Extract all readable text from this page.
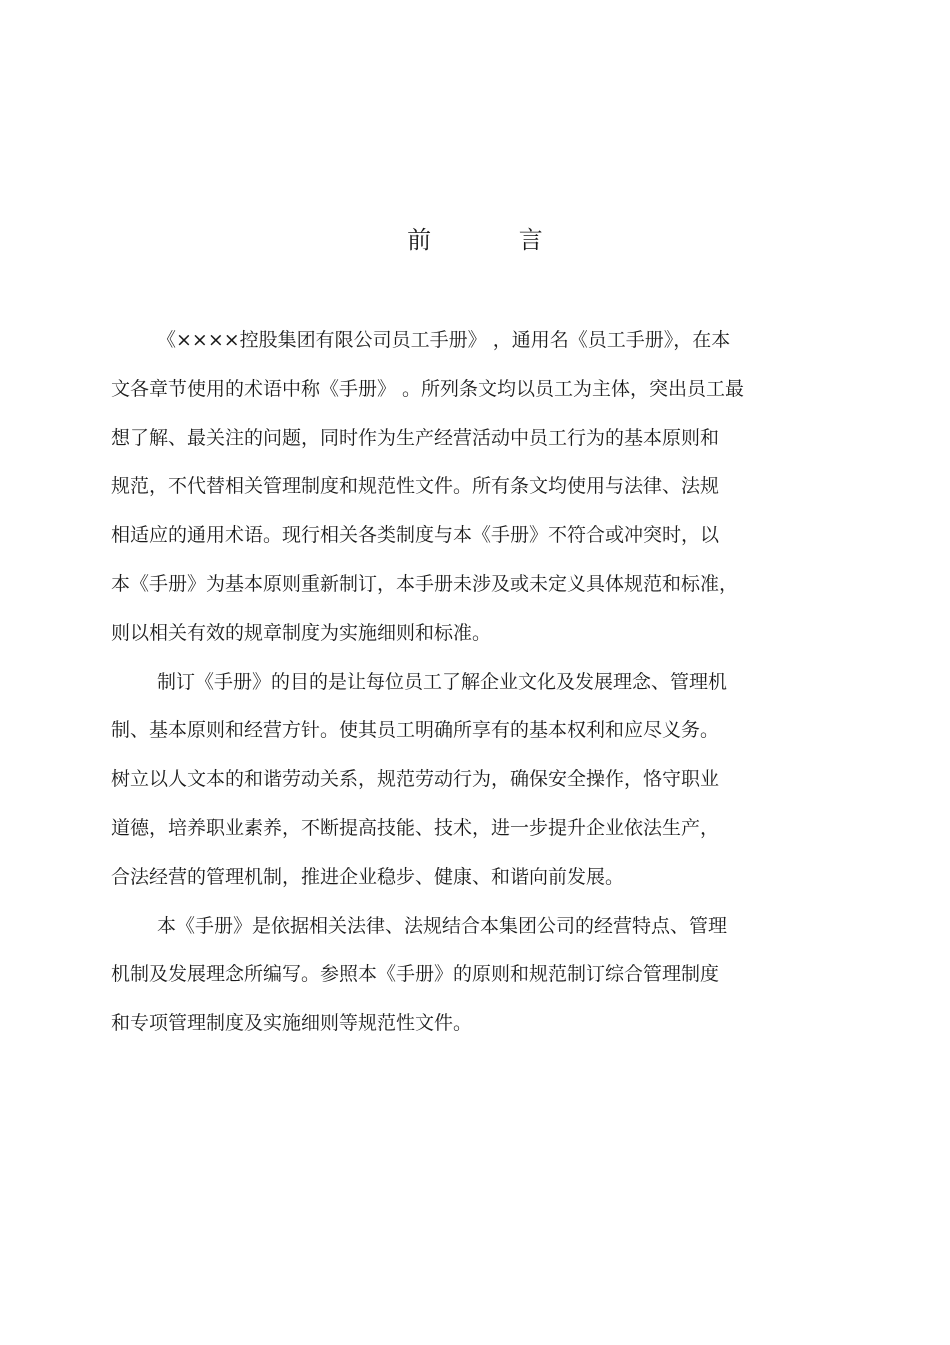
前 言
《××××控股集团有限公司员工手册》 ，通用名《员工手册》，在本
文各章节使用的术语中称《手册》 。所列条文均以员工为主体，突出员工最
想了解、最关注的问题，同时作为生产经营活动中员工行为的基本原则和
规范，不代替相关管理制度和规范性文件。所有条文均使用与法律、法规
相适应的通用术语。现行相关各类制度与本《手册》不符合或冲突时，以
本《手册》为基本原则重新制订，本手册未涉及或未定义具体规范和标准，
则以相关有效的规章制度为实施细则和标准。
制订《手册》的目的是让每位员工了解企业文化及发展理念、管理机
制、基本原则和经营方针。使其员工明确所享有的基本权利和应尽义务。
树立以人文本的和谐劳动关系，规范劳动行为，确保安全操作，恪守职业
道德，培养职业素养，不断提高技能、技术，进一步提升企业依法生产，
合法经营的管理机制，推进企业稳步、健康、和谐向前发展。
本《手册》是依据相关法律、法规结合本集团公司的经营特点、管理
机制及发展理念所编写。参照本《手册》的原则和规范制订综合管理制度
和专项管理制度及实施细则等规范性文件。
